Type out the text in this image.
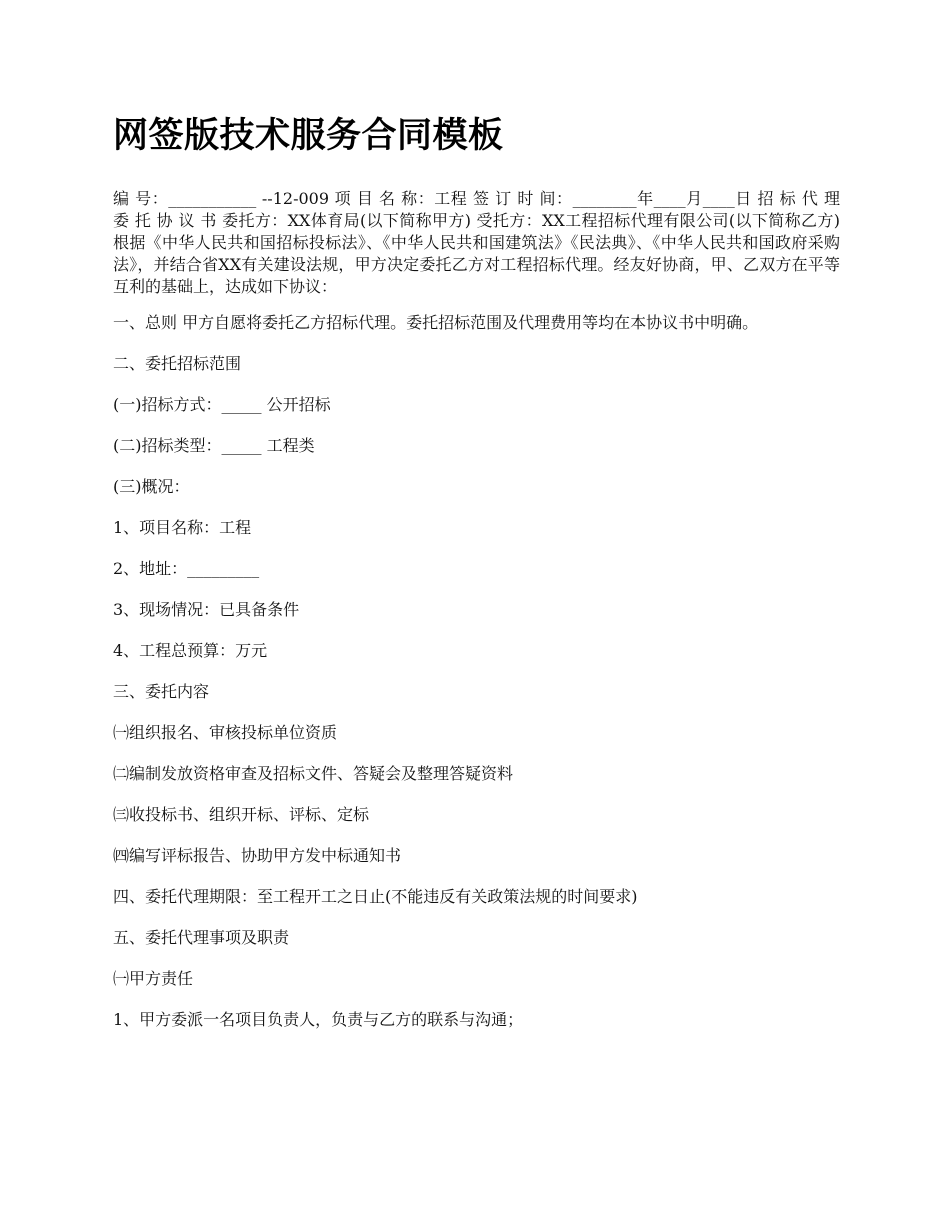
网签版技术服务合同模板

编 号：___________ --12-009 项 目 名 称：工程 签 订 时 间：________年____月____日 招 标 代 理 委 托 协 议 书 委托方：XX体育局(以下简称甲方) 受托方：XX工程招标代理有限公司(以下简称乙方) 根据《中华人民共和国招标投标法》、《中华人民共和国建筑法》《民法典》、《中华人民共和国政府采购法》，并结合省XX有关建设法规，甲方决定委托乙方对工程招标代理。经友好协商，甲、乙双方在平等互利的基础上，达成如下协议：

一、总则 甲方自愿将委托乙方招标代理。委托招标范围及代理费用等均在本协议书中明确。

二、委托招标范围

(一)招标方式：_____ 公开招标

(二)招标类型：_____ 工程类

(三)概况：

1、项目名称：工程

2、地址：_________

3、现场情况：已具备条件

4、工程总预算：万元

三、委托内容

㈠组织报名、审核投标单位资质

㈡编制发放资格审查及招标文件、答疑会及整理答疑资料

㈢收投标书、组织开标、评标、定标

㈣编写评标报告、协助甲方发中标通知书

四、委托代理期限：至工程开工之日止(不能违反有关政策法规的时间要求)

五、委托代理事项及职责

㈠甲方责任

1、甲方委派一名项目负责人，负责与乙方的联系与沟通；
